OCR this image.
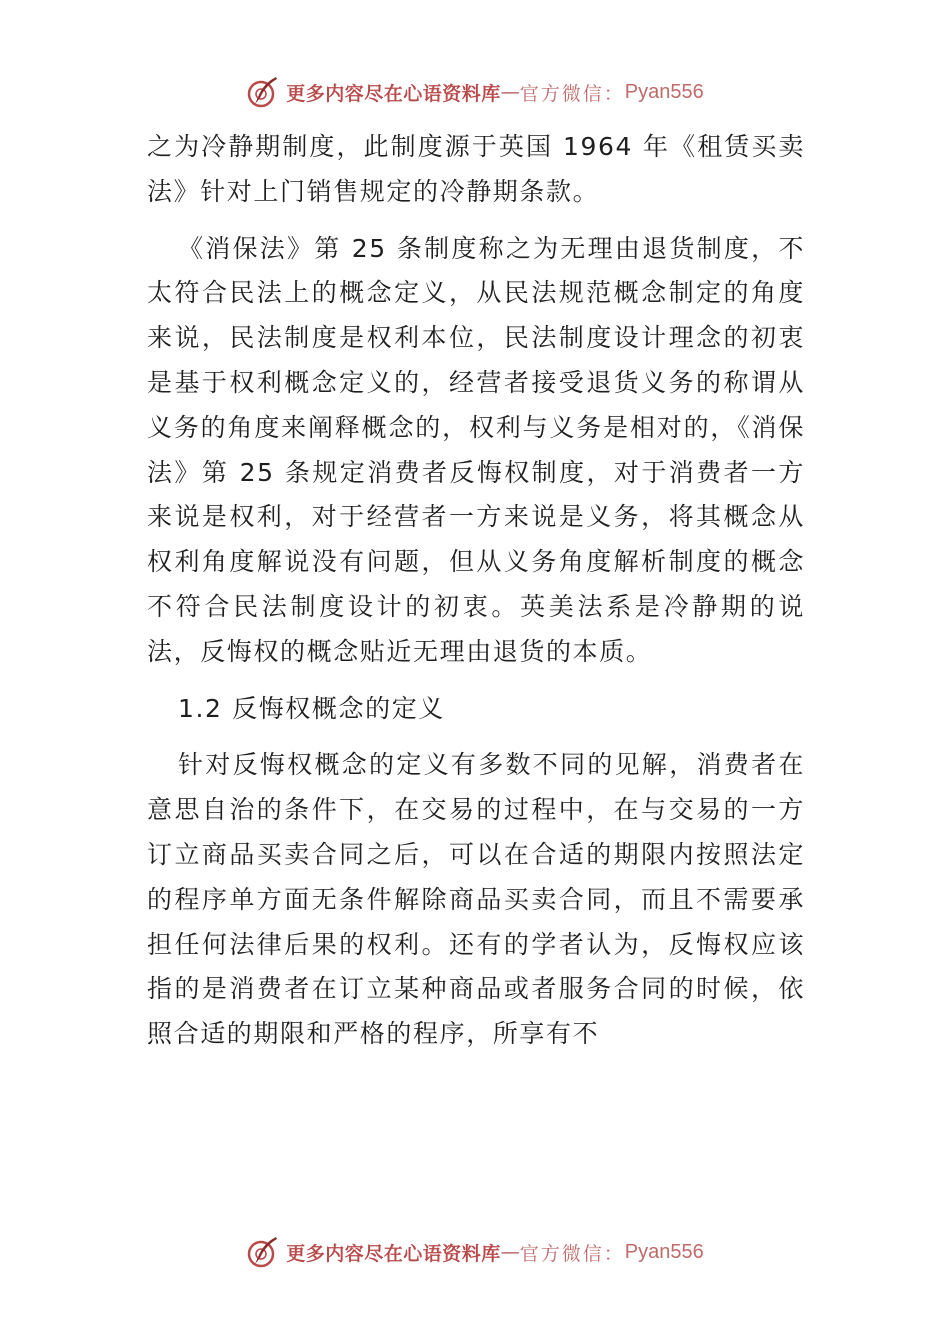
更多内容尽在心语资料库 — 官方微信： Pyan556

之为冷静期制度，此制度源于英国 1964 年《租赁买卖法》针对上门销售规定的冷静期条款。

《消保法》第 25 条制度称之为无理由退货制度，不太符合民法上的概念定义，从民法规范概念制定的角度来说，民法制度是权利本位，民法制度设计理念的初衷是基于权利概念定义的，经营者接受退货义务的称谓从义务的角度来阐释概念的，权利与义务是相对的，《消保法》第 25 条规定消费者反悔权制度，对于消费者一方来说是权利，对于经营者一方来说是义务，将其概念从权利角度解说没有问题，但从义务角度解析制度的概念不符合民法制度设计的初衷。英美法系是冷静期的说法，反悔权的概念贴近无理由退货的本质。

1.2 反悔权概念的定义

针对反悔权概念的定义有多数不同的见解，消费者在意思自治的条件下，在交易的过程中，在与交易的一方订立商品买卖合同之后，可以在合适的期限内按照法定的程序单方面无条件解除商品买卖合同，而且不需要承担任何法律后果的权利。还有的学者认为，反悔权应该指的是消费者在订立某种商品或者服务合同的时候，依照合适的期限和严格的程序，所享有不

更多内容尽在心语资料库 — 官方微信： Pyan556
